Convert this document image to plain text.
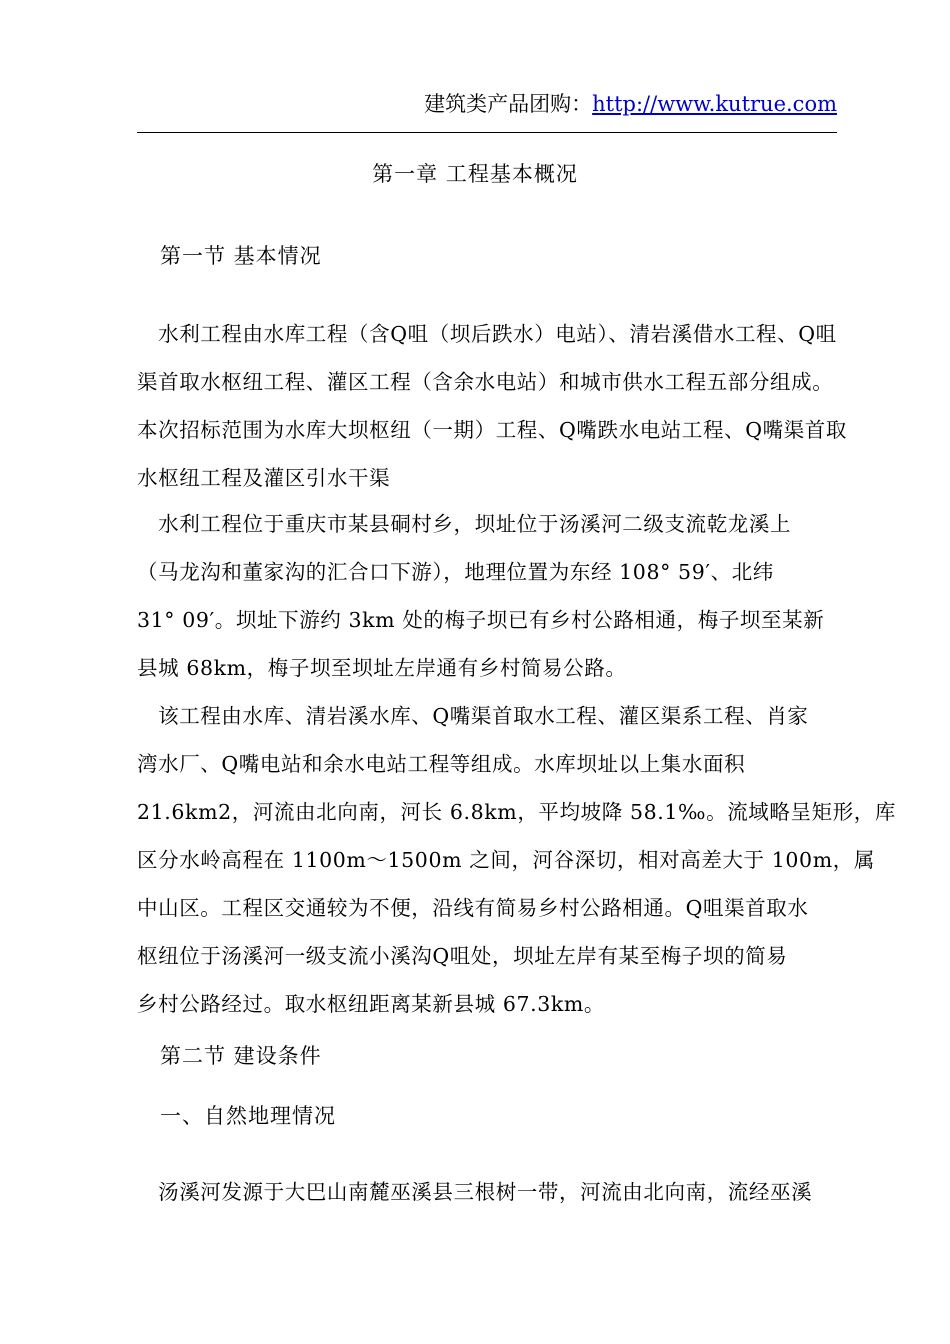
建筑类产品团购：http://www.kutrue.com
第一章 工程基本概况
第一节 基本情况
　水利工程由水库工程（含Q咀（坝后跌水）电站）、清岩溪借水工程、Q咀
渠首取水枢纽工程、灌区工程（含余水电站）和城市供水工程五部分组成。
本次招标范围为水库大坝枢纽（一期）工程、Q嘴跌水电站工程、Q嘴渠首取
水枢纽工程及灌区引水干渠
　水利工程位于重庆市某县硐村乡，坝址位于汤溪河二级支流乾龙溪上
（马龙沟和董家沟的汇合口下游），地理位置为东经 108° 59′、北纬
31° 09′。坝址下游约 3km 处的梅子坝已有乡村公路相通，梅子坝至某新
县城 68km，梅子坝至坝址左岸通有乡村简易公路。
　该工程由水库、清岩溪水库、Q嘴渠首取水工程、灌区渠系工程、肖家
湾水厂、Q嘴电站和余水电站工程等组成。水库坝址以上集水面积
21.6km2，河流由北向南，河长 6.8km，平均坡降 58.1‰。流域略呈矩形，库
区分水岭高程在 1100m～1500m 之间，河谷深切，相对高差大于 100m，属
中山区。工程区交通较为不便，沿线有简易乡村公路相通。Q咀渠首取水
枢纽位于汤溪河一级支流小溪沟Q咀处，坝址左岸有某至梅子坝的简易
乡村公路经过。取水枢纽距离某新县城 67.3km。
第二节 建设条件
一、自然地理情况
　汤溪河发源于大巴山南麓巫溪县三根树一带，河流由北向南，流经巫溪
